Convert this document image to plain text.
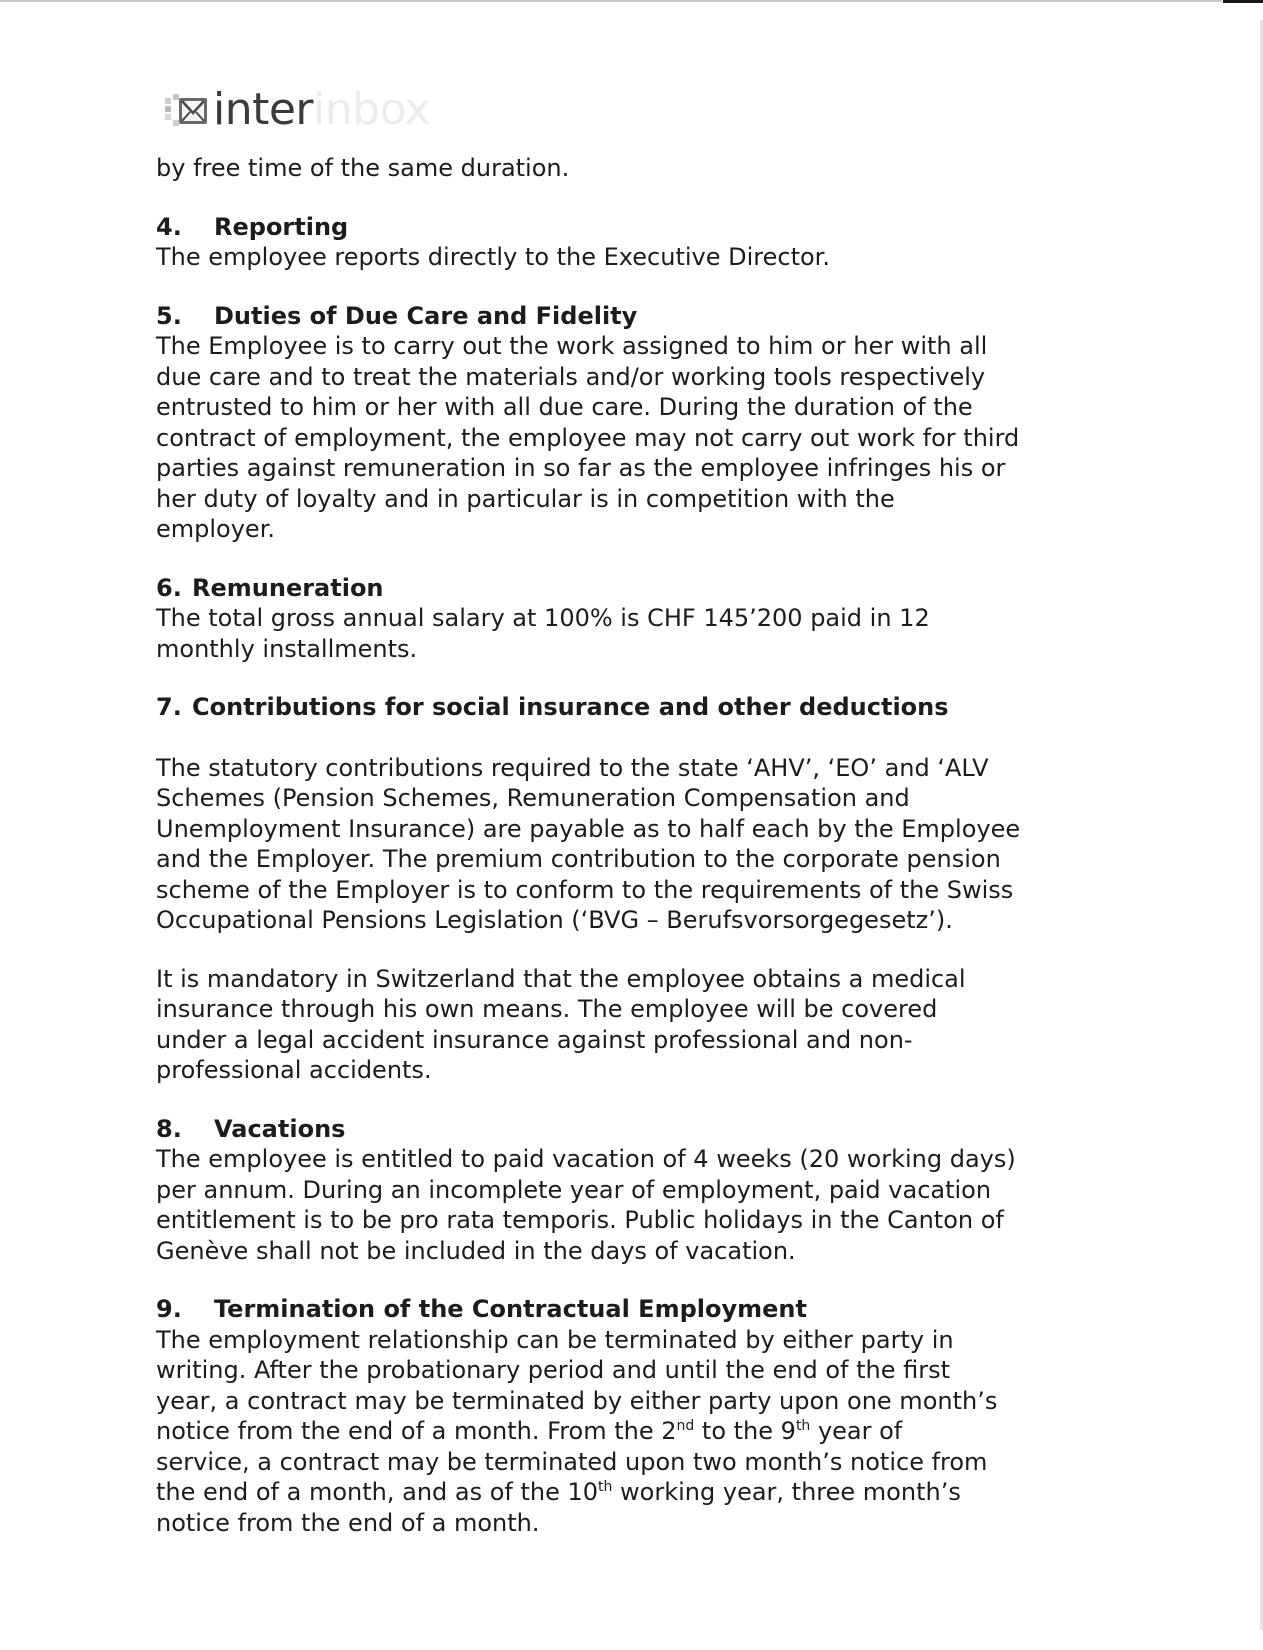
inter inbox

by free time of the same duration.

4.	Reporting

The employee reports directly to the Executive Director.

5.	Duties of Due Care and Fidelity

The Employee is to carry out the work assigned to him or her with all

due care and to treat the materials and/or working tools respectively

entrusted to him or her with all due care. During the duration of the

contract of employment, the employee may not carry out work for third

parties against remuneration in so far as the employee infringes his or

her duty of loyalty and in particular is in competition with the

employer.

6. Remuneration

The total gross annual salary at 100% is CHF 145’200 paid in 12

monthly installments.

7. Contributions for social insurance and other deductions

The statutory contributions required to the state ‘AHV’, ‘EO’ and ‘ALV

Schemes (Pension Schemes, Remuneration Compensation and

Unemployment Insurance) are payable as to half each by the Employee

and the Employer. The premium contribution to the corporate pension

scheme of the Employer is to conform to the requirements of the Swiss

Occupational Pensions Legislation (‘BVG – Berufsvorsorgegesetz’).

It is mandatory in Switzerland that the employee obtains a medical

insurance through his own means. The employee will be covered

under a legal accident insurance against professional and non-

professional accidents.

8.	Vacations

The employee is entitled to paid vacation of 4 weeks (20 working days)

per annum. During an incomplete year of employment, paid vacation

entitlement is to be pro rata temporis. Public holidays in the Canton of

Genève shall not be included in the days of vacation.

9.	Termination of the Contractual Employment

The employment relationship can be terminated by either party in

writing. After the probationary period and until the end of the first

year, a contract may be terminated by either party upon one month’s

notice from the end of a month. From the 2nd to the 9th year of

service, a contract may be terminated upon two month’s notice from

the end of a month, and as of the 10th working year, three month’s

notice from the end of a month.
